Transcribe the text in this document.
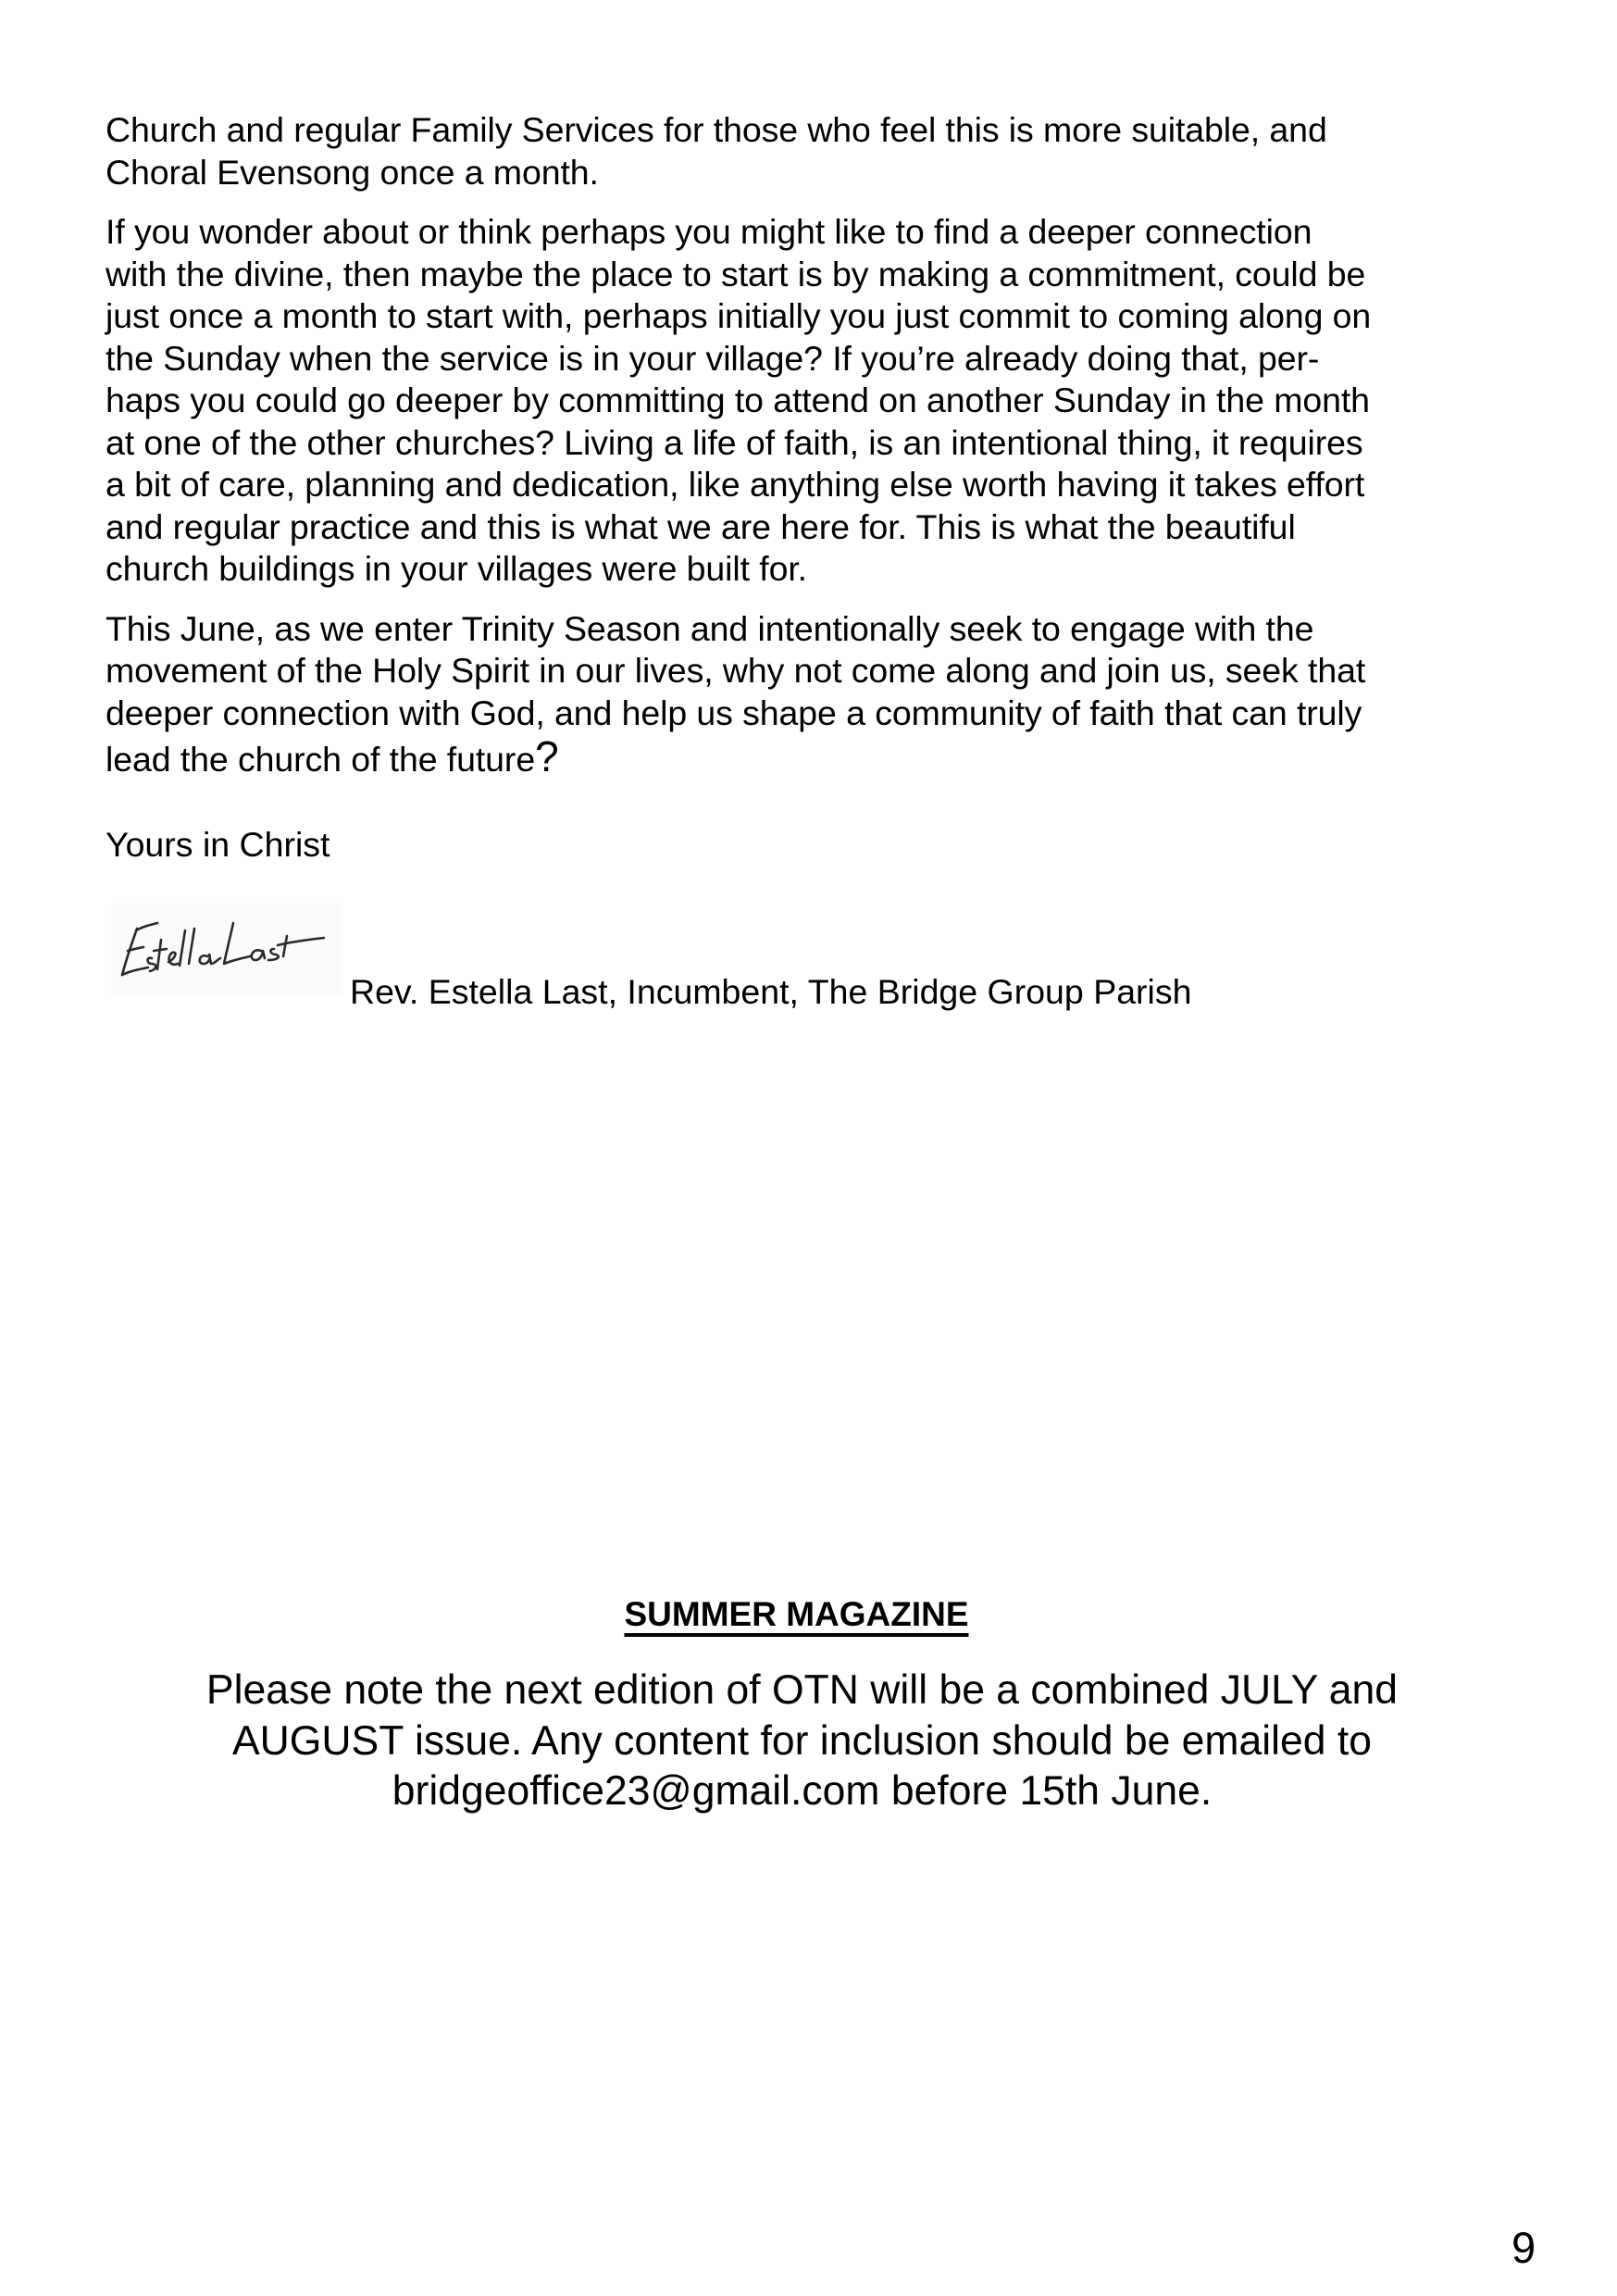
Church and regular Family Services for those who feel this is more suitable, and
Choral Evensong once a month.

If you wonder about or think perhaps you might like to find a deeper connection
with the divine, then maybe the place to start is by making a commitment, could be
just once a month to start with, perhaps initially you just commit to coming along on
the Sunday when the service is in your village? If you’re already doing that, per-
haps you could go deeper by committing to attend on another Sunday in the month
at one of the other churches? Living a life of faith, is an intentional thing, it requires
a bit of care, planning and dedication, like anything else worth having it takes effort
and regular practice and this is what we are here for. This is what the beautiful
church buildings in your villages were built for.

This June, as we enter Trinity Season and intentionally seek to engage with the
movement of the Holy Spirit in our lives, why not come along and join us, seek that
deeper connection with God, and help us shape a community of faith that can truly
lead the church of the future?

Yours in Christ
Rev. Estella Last, Incumbent, The Bridge Group Parish
SUMMER MAGAZINE
Please note the next edition of OTN will be a combined JULY and
AUGUST issue. Any content for inclusion should be emailed to
bridgeoffice23@gmail.com before 15th June.
9
